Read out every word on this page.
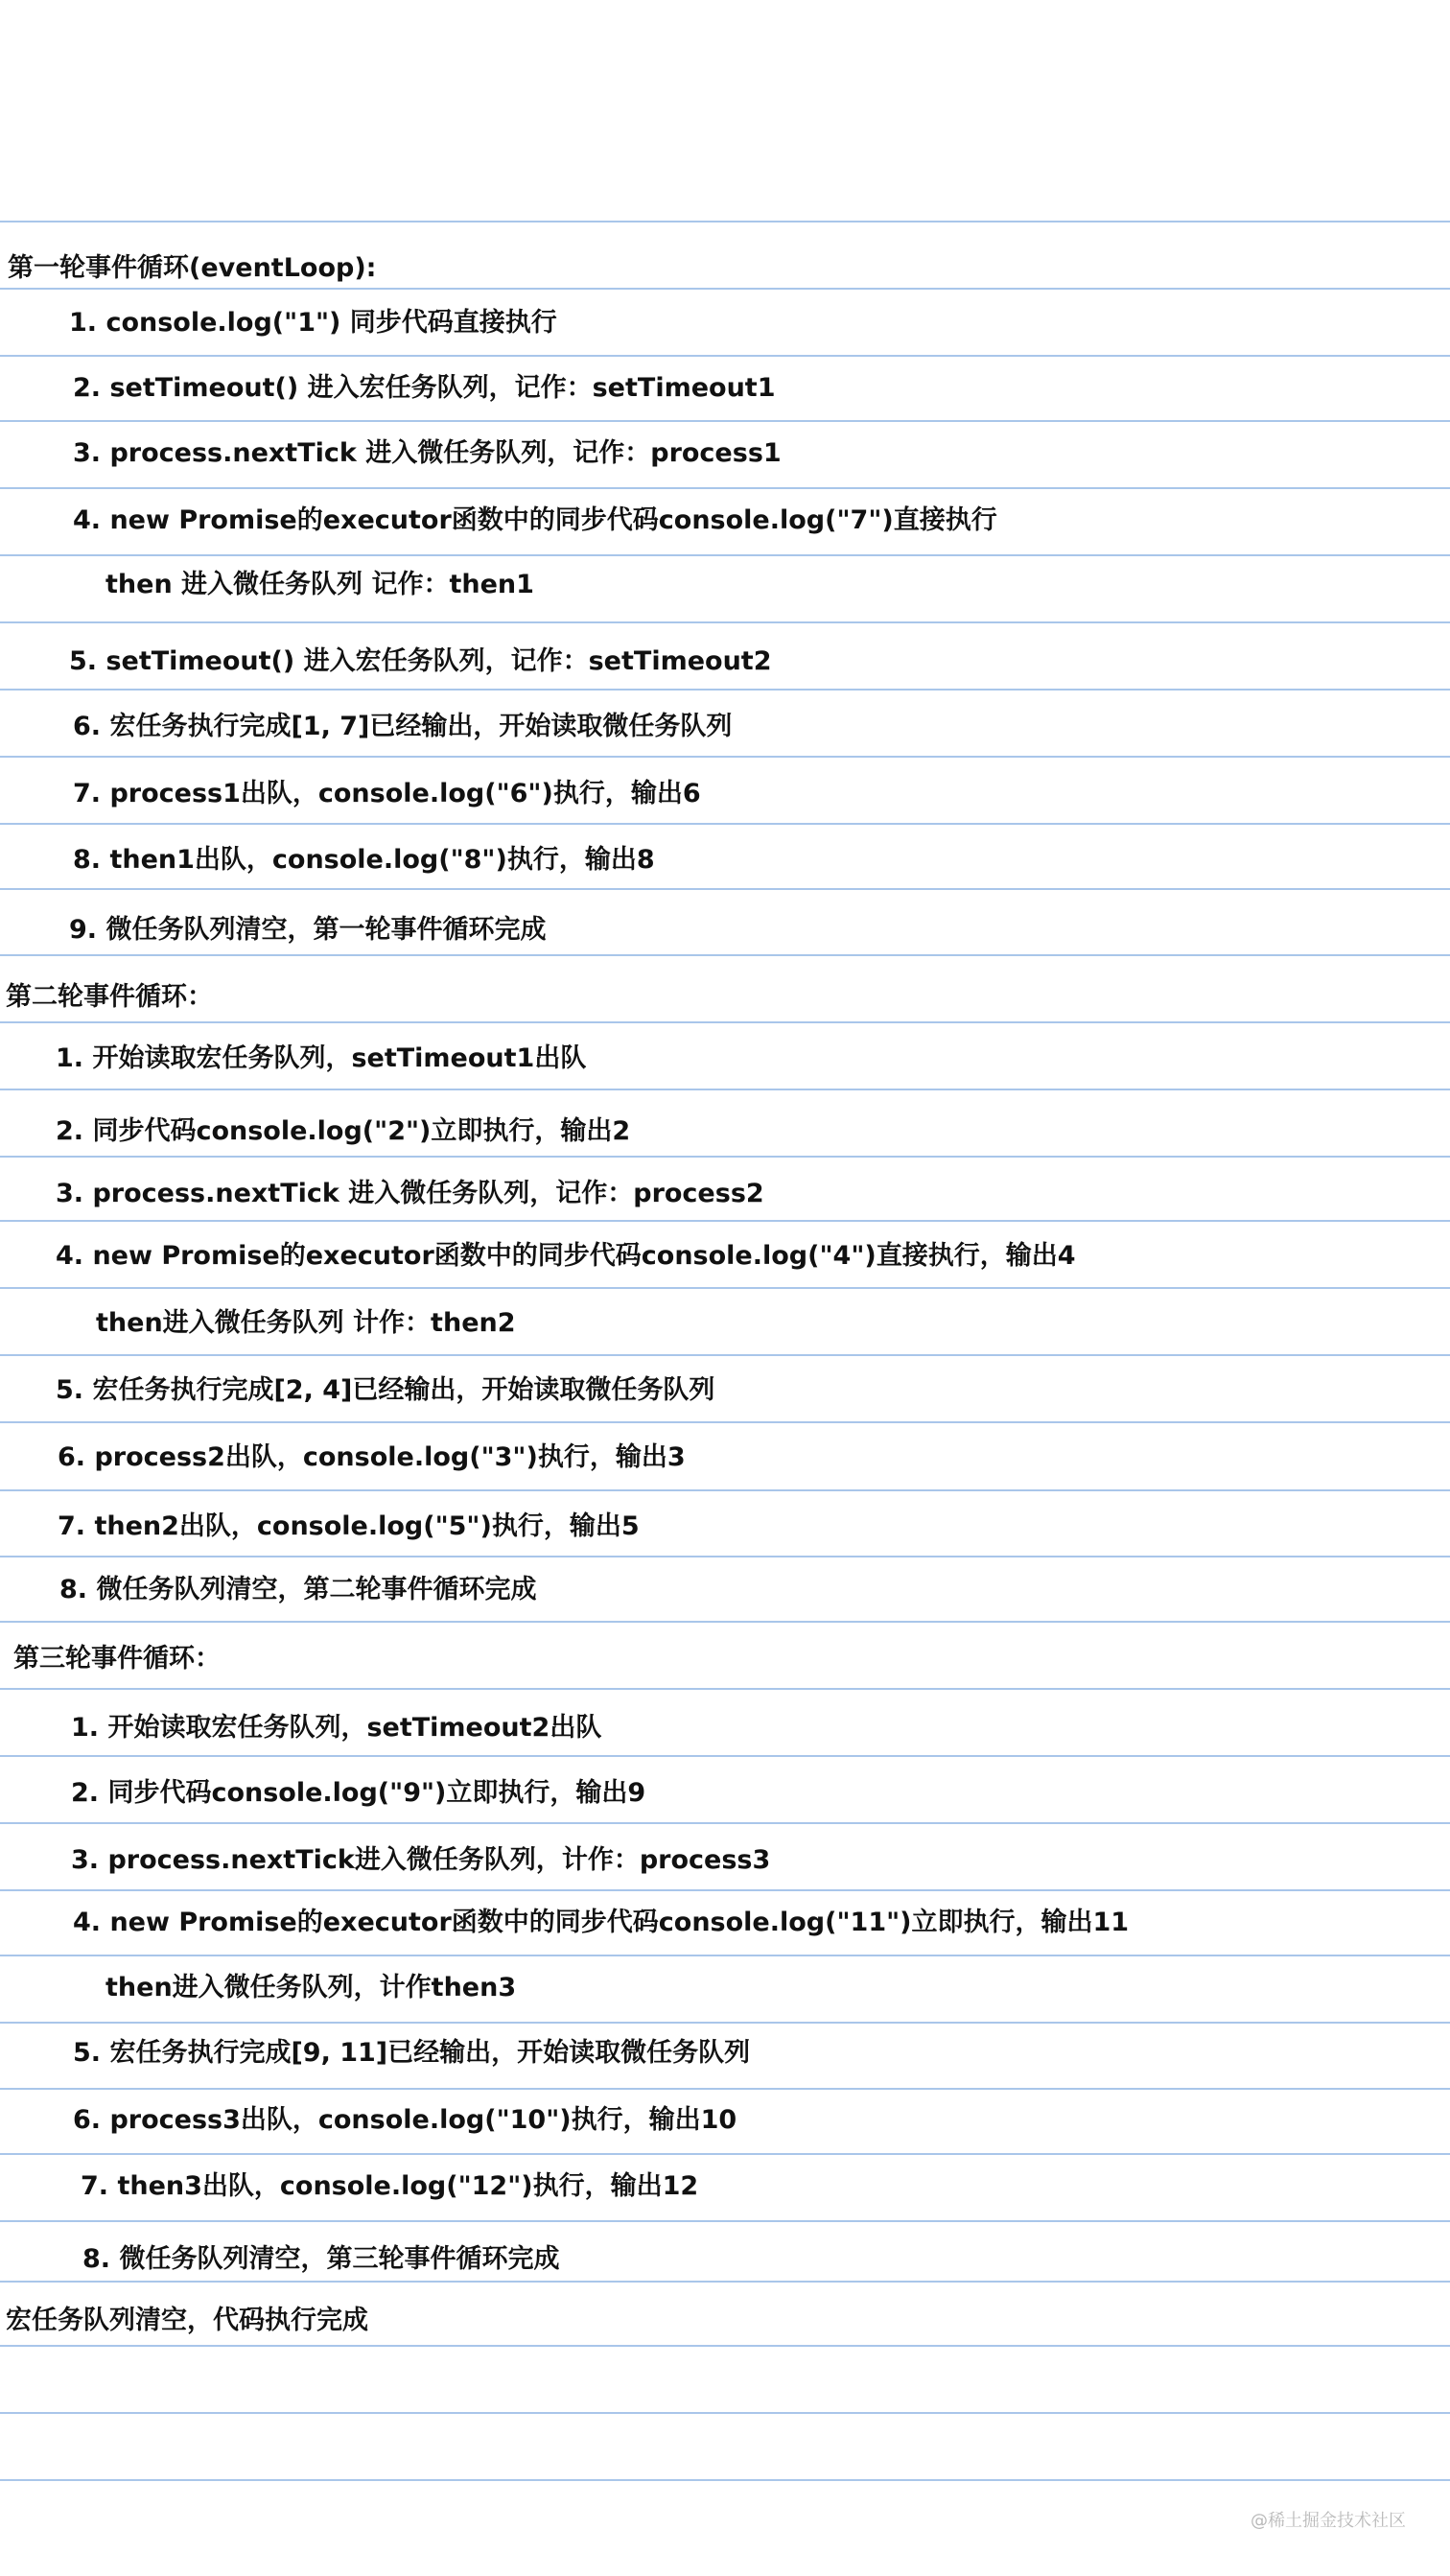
第一轮事件循环(eventLoop):
1. console.log("1") 同步代码直接执行
2. setTimeout() 进入宏任务队列，记作：setTimeout1
3. process.nextTick 进入微任务队列，记作：process1
4. new Promise的executor函数中的同步代码console.log("7")直接执行
then 进入微任务队列 记作：then1
5. setTimeout() 进入宏任务队列，记作：setTimeout2
6. 宏任务执行完成[1, 7]已经输出，开始读取微任务队列
7. process1出队，console.log("6")执行，输出6
8. then1出队，console.log("8")执行，输出8
9. 微任务队列清空，第一轮事件循环完成
第二轮事件循环：
1. 开始读取宏任务队列，setTimeout1出队
2. 同步代码console.log("2")立即执行，输出2
3. process.nextTick 进入微任务队列，记作：process2
4. new Promise的executor函数中的同步代码console.log("4")直接执行，输出4
then进入微任务队列 计作：then2
5. 宏任务执行完成[2, 4]已经输出，开始读取微任务队列
6. process2出队，console.log("3")执行，输出3
7. then2出队，console.log("5")执行，输出5
8. 微任务队列清空，第二轮事件循环完成
第三轮事件循环：
1. 开始读取宏任务队列，setTimeout2出队
2. 同步代码console.log("9")立即执行，输出9
3. process.nextTick进入微任务队列，计作：process3
4. new Promise的executor函数中的同步代码console.log("11")立即执行，输出11
then进入微任务队列，计作then3
5. 宏任务执行完成[9, 11]已经输出，开始读取微任务队列
6. process3出队，console.log("10")执行，输出10
7. then3出队，console.log("12")执行，输出12
8. 微任务队列清空，第三轮事件循环完成
宏任务队列清空，代码执行完成
@稀土掘金技术社区
